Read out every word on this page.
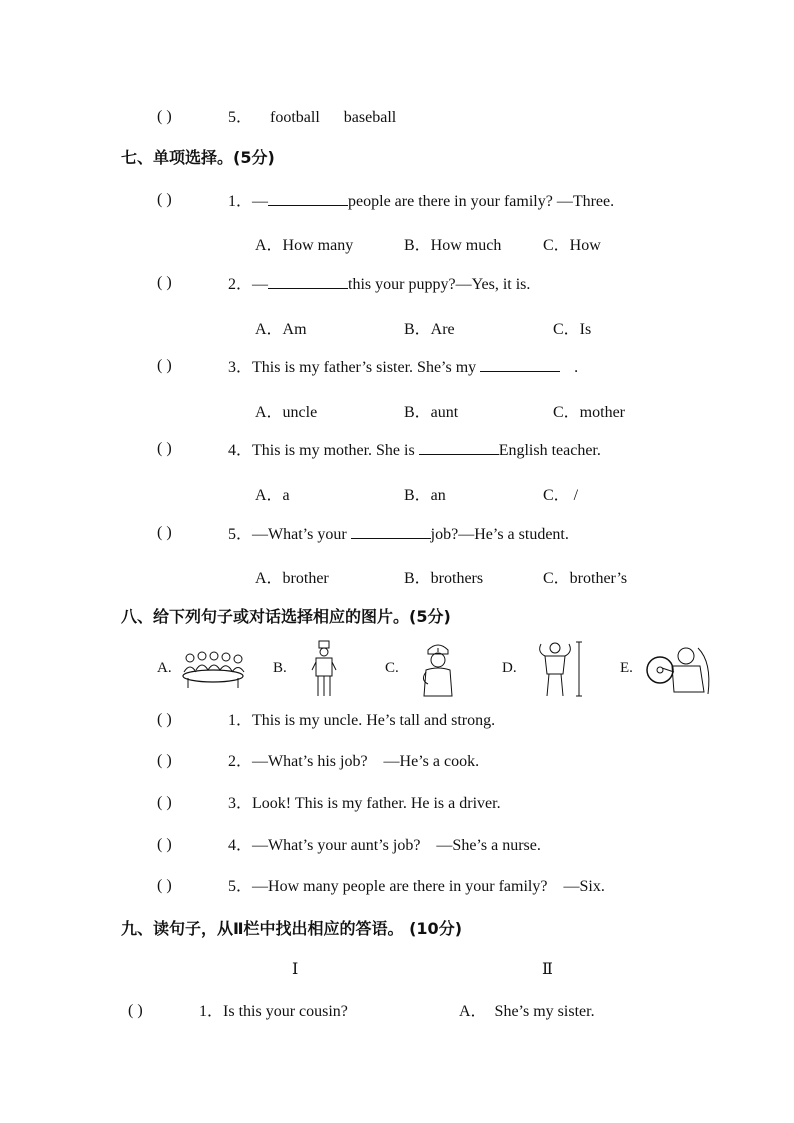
( )	5． football baseball
七、单项选择。(5分)
( )	1．—	people are there in your family? —Three.
A．How many	B．How much	C．How
( )	2．—	this your puppy?—Yes, it is.
A．Am	B．Are	C．Is
( )	3．This is my father’s sister. She’s my	.
A．uncle	B．aunt	C．mother
( )	4．This is my mother. She is	English teacher.
A．a	B．an	C． /
( )	5．—What’s your	job?—He’s a student.
A．brother	B．brothers	C．brother’s
八、给下列句子或对话选择相应的图片。(5分)
A.	B.	C.	D.	E.
( )	1．This is my uncle. He’s tall and strong.
( )	2．—What’s his job?    —He’s a cook.
( )	3．Look! This is my father. He is a driver.
( )	4．—What’s your aunt’s job?    —She’s a nurse.
( )	5．—How many people are there in your family?    —Six.
九、读句子，从Ⅱ栏中找出相应的答语。 (10分)
Ⅰ	Ⅱ
( )	1．Is this your cousin?	A．  She’s my sister.
